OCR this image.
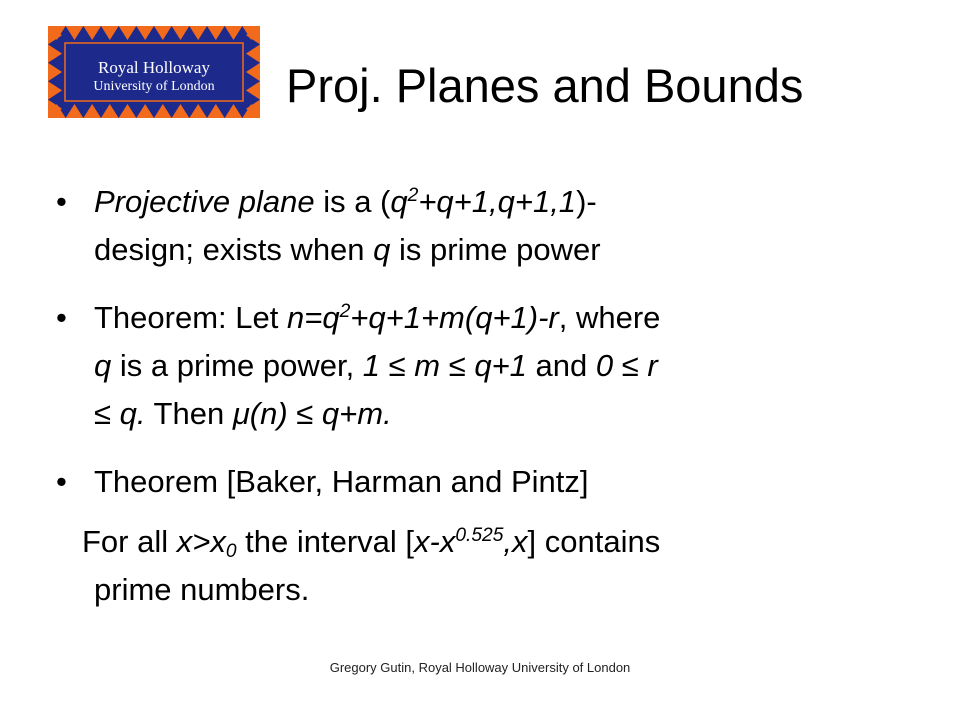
Royal Holloway
University of London Proj. Planes and Bounds
• Projective plane is a $(q^2+q+1,q+1,1)-$
design; exists when q is prime power
• Theorem: Let $n=q^2+q+1+m(q+1)-r$, where
q is a prime power, 1 ≤ m ≤ q+1 and 0 ≤ r
≤ q. Then μ(n) ≤ q+m.
• Theorem [Baker, Harman and Pintz]
For all $x>x_0$ the interval $[x-x^{0.525},x]$ contains
prime numbers.
Gregory Gutin, Royal Holloway University of London
